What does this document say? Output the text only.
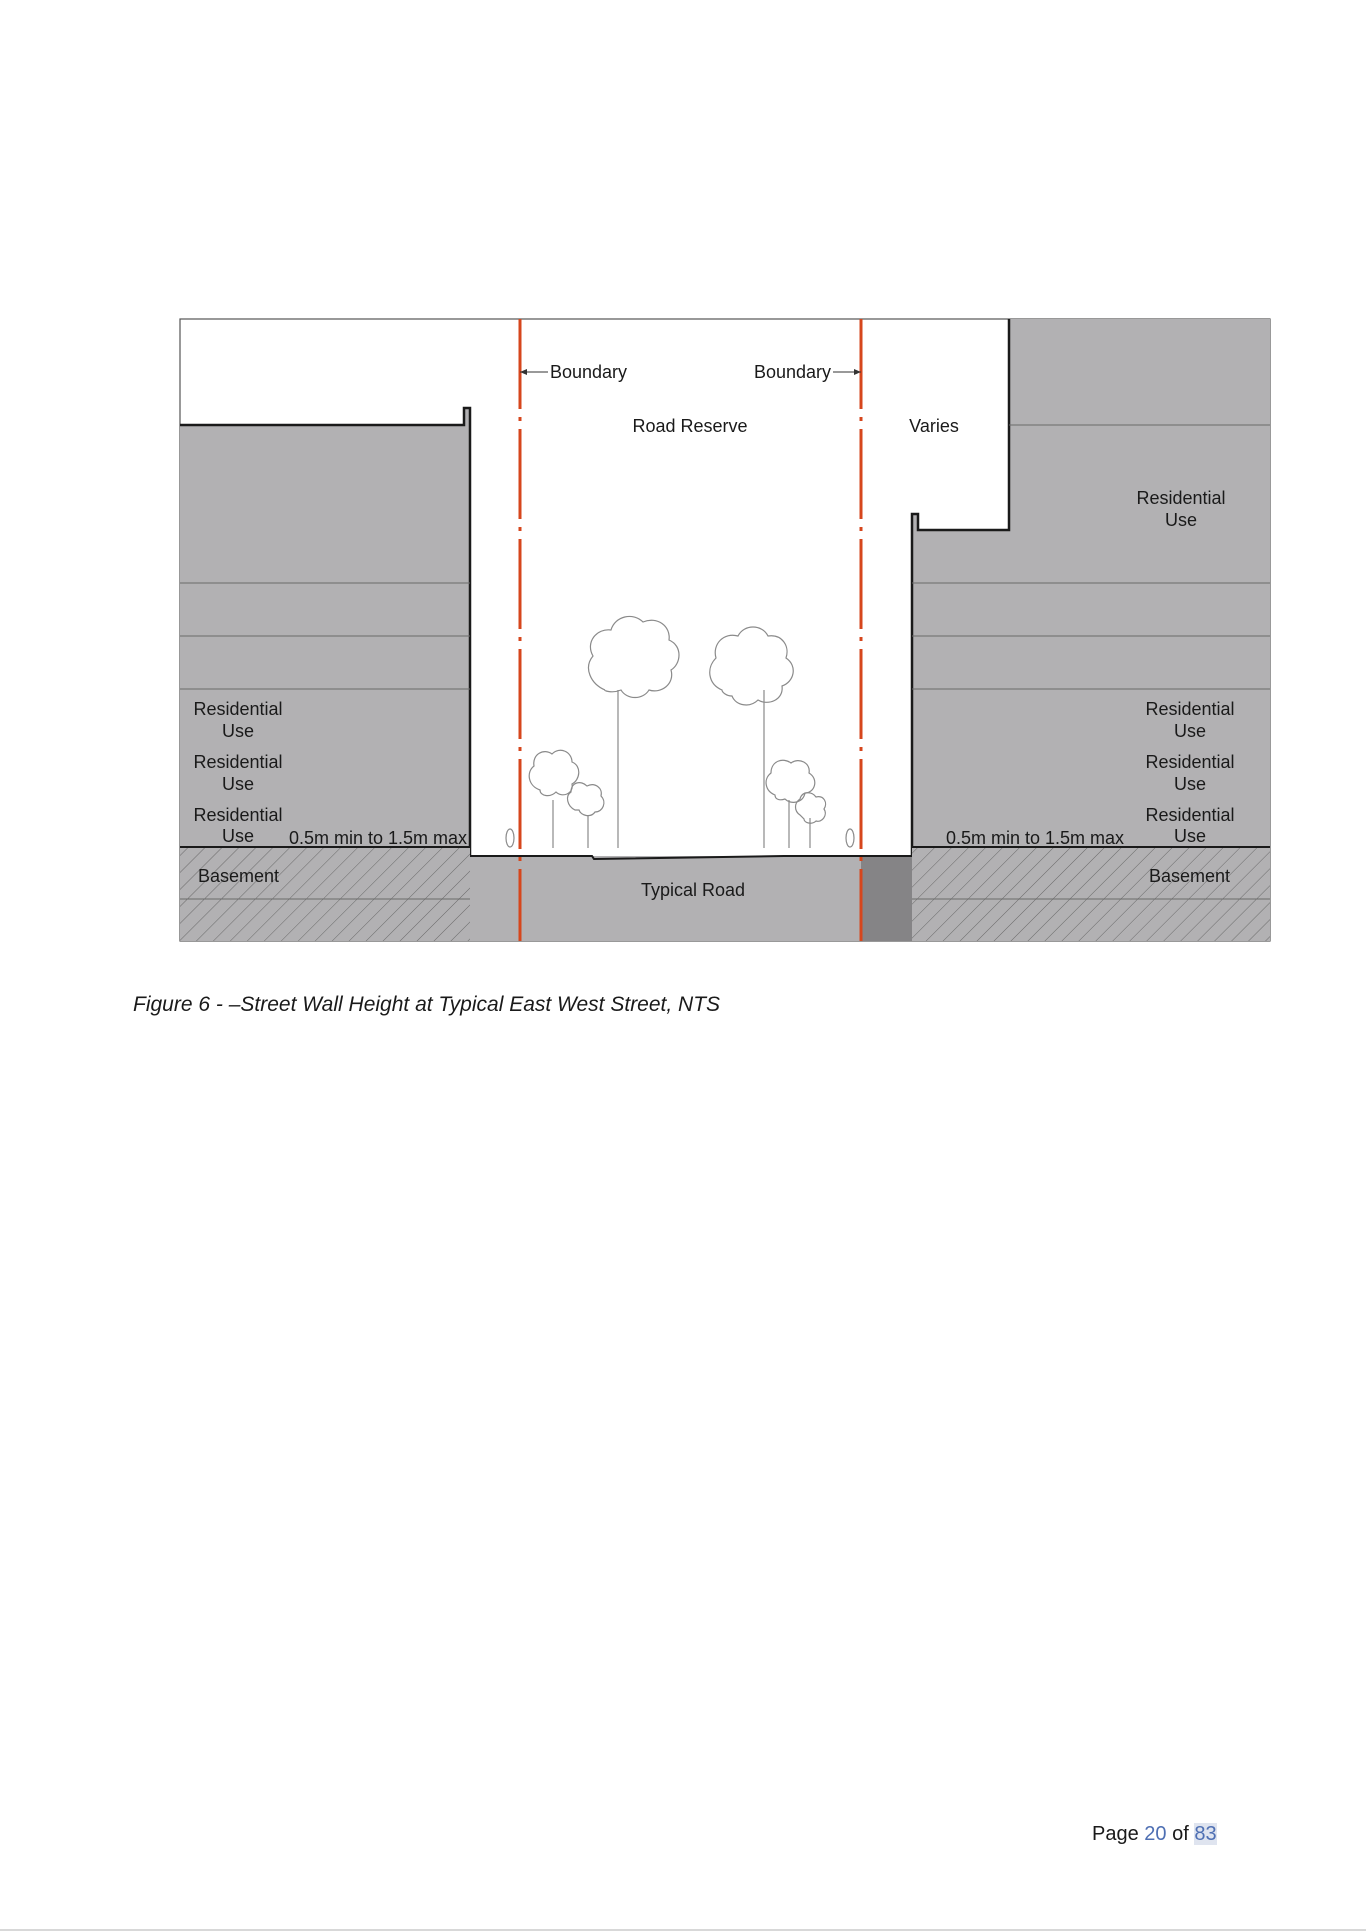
Boundary	Boundary
Road Reserve	Varies
Residential
Use
Residential
Use
Residential
Use
Residential
Use
Residential
Use
Residential
Use
Residential
Use
0.5m min to 1.5m max	0.5m min to 1.5m max
Basement	Basement
Typical Road

Figure 6 - –Street Wall Height at Typical East West Street, NTS

Page 20 of 83
